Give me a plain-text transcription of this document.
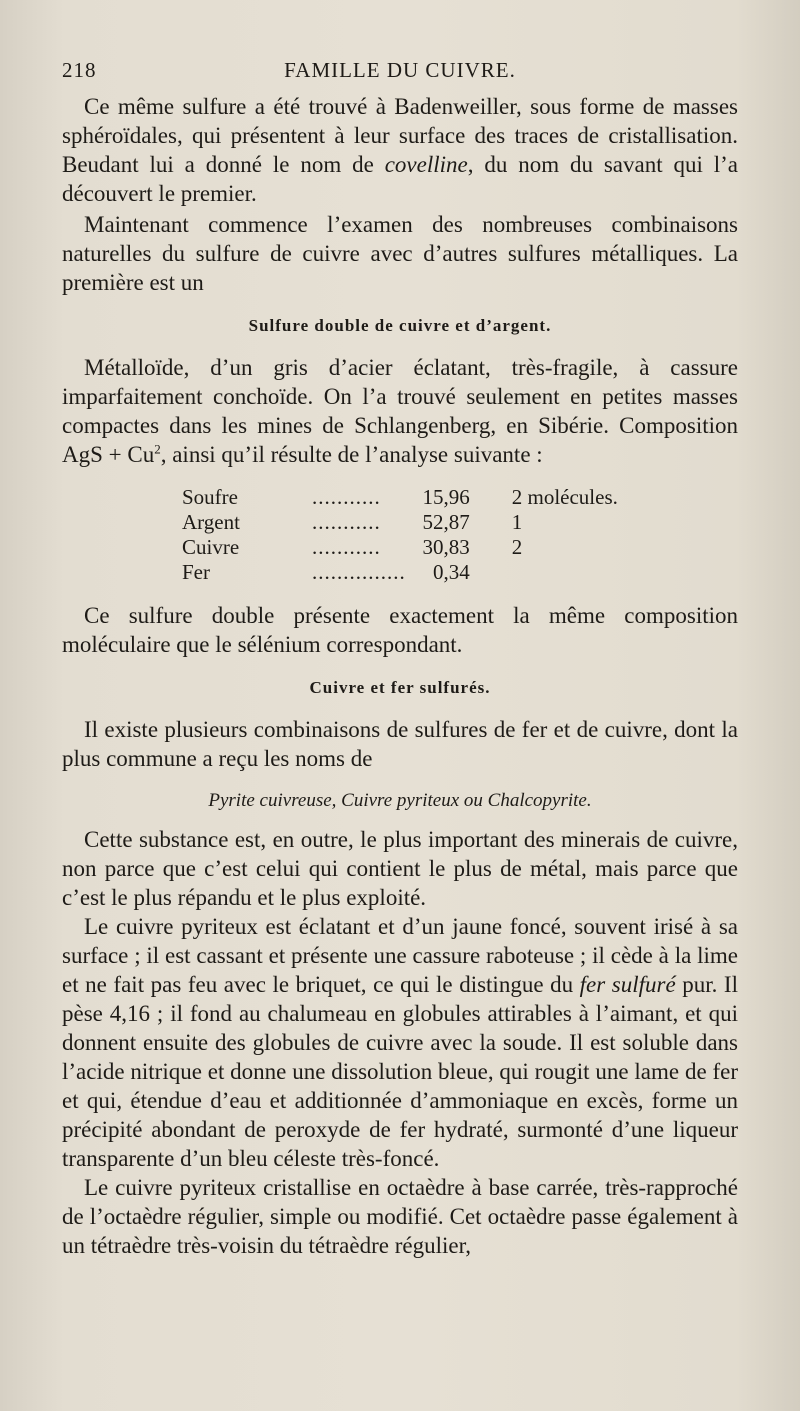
218	FAMILLE DU CUIVRE.

Ce même sulfure a été trouvé à Badenweiller, sous forme de masses sphéroïdales, qui présentent à leur surface des traces de cristallisation. Beudant lui a donné le nom de covelline, du nom du savant qui l’a découvert le premier.

Maintenant commence l’examen des nombreuses combinaisons naturelles du sulfure de cuivre avec d’autres sulfures métalliques. La première est un

Sulfure double de cuivre et d’argent.

Métalloïde, d’un gris d’acier éclatant, très-fragile, à cassure imparfaitement conchoïde. On l’a trouvé seulement en petites masses compactes dans les mines de Schlangenberg, en Sibérie. Composition AgS + $Cu^2$, ainsi qu’il résulte de l’analyse suivante :

Soufre	...........	15,96	2 molécules.
Argent	...........	52,87	1
Cuivre	...........	30,83	2
Fer	...............	0,34	

Ce sulfure double présente exactement la même composition moléculaire que le sélénium correspondant.

Cuivre et fer sulfurés.

Il existe plusieurs combinaisons de sulfures de fer et de cuivre, dont la plus commune a reçu les noms de

Pyrite cuivreuse, Cuivre pyriteux ou Chalcopyrite.

Cette substance est, en outre, le plus important des minerais de cuivre, non parce que c’est celui qui contient le plus de métal, mais parce que c’est le plus répandu et le plus exploité.

Le cuivre pyriteux est éclatant et d’un jaune foncé, souvent irisé à sa surface ; il est cassant et présente une cassure raboteuse ; il cède à la lime et ne fait pas feu avec le briquet, ce qui le distingue du fer sulfuré pur. Il pèse 4,16 ; il fond au chalumeau en globules attirables à l’aimant, et qui donnent ensuite des globules de cuivre avec la soude. Il est soluble dans l’acide nitrique et donne une dissolution bleue, qui rougit une lame de fer et qui, étendue d’eau et additionnée d’ammoniaque en excès, forme un précipité abondant de peroxyde de fer hydraté, surmonté d’une liqueur transparente d’un bleu céleste très-foncé.

Le cuivre pyriteux cristallise en octaèdre à base carrée, très-rapproché de l’octaèdre régulier, simple ou modifié. Cet octaèdre passe également à un tétraèdre très-voisin du tétraèdre régulier,
